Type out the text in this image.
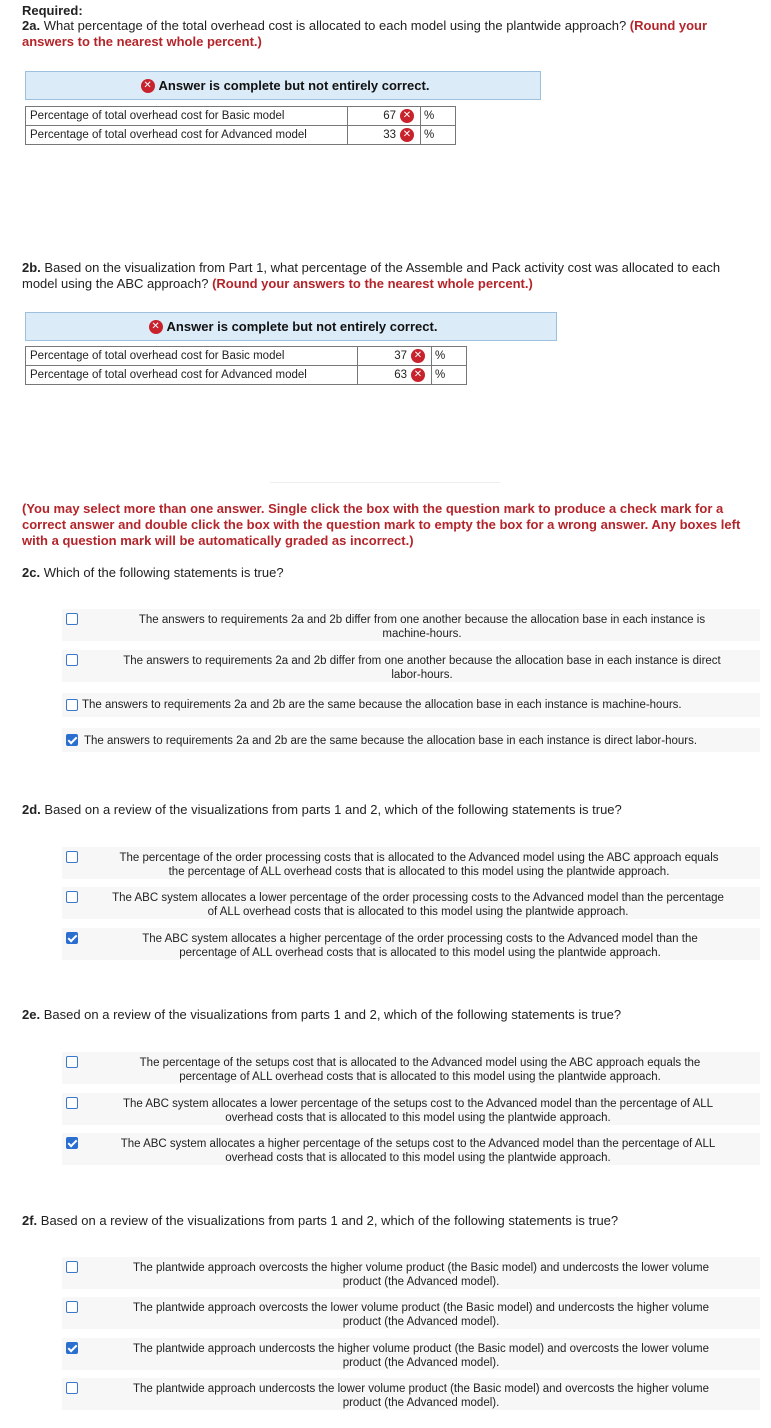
Required:
2a. What percentage of the total overhead cost is allocated to each model using the plantwide approach? (Round your answers to the nearest whole percent.)
✕ Answer is complete but not entirely correct.
Percentage of total overhead cost for Basic model	67 ✕	%
Percentage of total overhead cost for Advanced model	33 ✕	%
2b. Based on the visualization from Part 1, what percentage of the Assemble and Pack activity cost was allocated to each model using the ABC approach? (Round your answers to the nearest whole percent.)
✕ Answer is complete but not entirely correct.
Percentage of total overhead cost for Basic model	37 ✕	%
Percentage of total overhead cost for Advanced model	63 ✕	%
(You may select more than one answer. Single click the box with the question mark to produce a check mark for a correct answer and double click the box with the question mark to empty the box for a wrong answer. Any boxes left with a question mark will be automatically graded as incorrect.)
2c. Which of the following statements is true?
The answers to requirements 2a and 2b differ from one another because the allocation base in each instance is
machine-hours.
The answers to requirements 2a and 2b differ from one another because the allocation base in each instance is direct
labor-hours.
The answers to requirements 2a and 2b are the same because the allocation base in each instance is machine-hours.
The answers to requirements 2a and 2b are the same because the allocation base in each instance is direct labor-hours.
2d. Based on a review of the visualizations from parts 1 and 2, which of the following statements is true?
The percentage of the order processing costs that is allocated to the Advanced model using the ABC approach equals
the percentage of ALL overhead costs that is allocated to this model using the plantwide approach.
The ABC system allocates a lower percentage of the order processing costs to the Advanced model than the percentage
of ALL overhead costs that is allocated to this model using the plantwide approach.
The ABC system allocates a higher percentage of the order processing costs to the Advanced model than the
percentage of ALL overhead costs that is allocated to this model using the plantwide approach.
2e. Based on a review of the visualizations from parts 1 and 2, which of the following statements is true?
The percentage of the setups cost that is allocated to the Advanced model using the ABC approach equals the
percentage of ALL overhead costs that is allocated to this model using the plantwide approach.
The ABC system allocates a lower percentage of the setups cost to the Advanced model than the percentage of ALL
overhead costs that is allocated to this model using the plantwide approach.
The ABC system allocates a higher percentage of the setups cost to the Advanced model than the percentage of ALL
overhead costs that is allocated to this model using the plantwide approach.
2f. Based on a review of the visualizations from parts 1 and 2, which of the following statements is true?
The plantwide approach overcosts the higher volume product (the Basic model) and undercosts the lower volume
product (the Advanced model).
The plantwide approach overcosts the lower volume product (the Basic model) and undercosts the higher volume
product (the Advanced model).
The plantwide approach undercosts the higher volume product (the Basic model) and overcosts the lower volume
product (the Advanced model).
The plantwide approach undercosts the lower volume product (the Basic model) and overcosts the higher volume
product (the Advanced model).
